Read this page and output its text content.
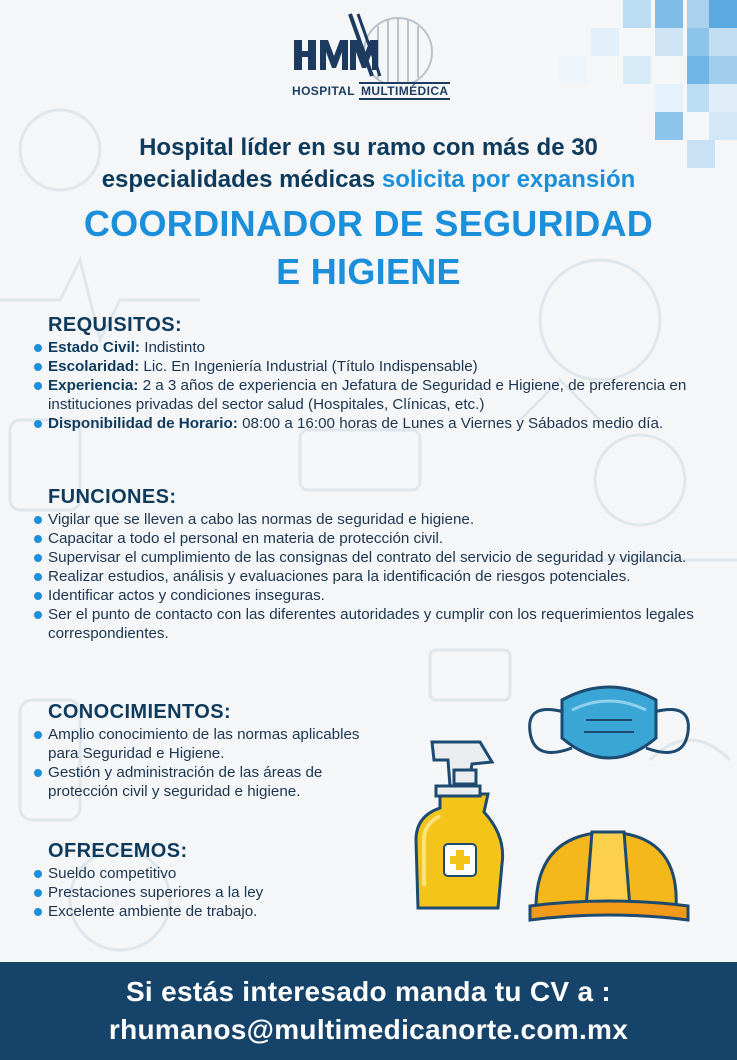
HOSPITAL MULTIMÉDICA
Hospital líder en su ramo con más de 30
especialidades médicas solicita por expansión
COORDINADOR DE SEGURIDAD
E HIGIENE
REQUISITOS:
Estado Civil: Indistinto
Escolaridad: Lic. En Ingeniería Industrial (Título Indispensable)
Experiencia: 2 a 3 años de experiencia en Jefatura de Seguridad e Higiene, de preferencia en instituciones privadas del sector salud (Hospitales, Clínicas, etc.)
Disponibilidad de Horario: 08:00 a 16:00 horas de Lunes a Viernes y Sábados medio día.
FUNCIONES:
Vigilar que se lleven a cabo las normas de seguridad e higiene.
Capacitar a todo el personal en materia de protección civil.
Supervisar el cumplimiento de las consignas del contrato del servicio de seguridad y vigilancia.
Realizar estudios, análisis y evaluaciones para la identificación de riesgos potenciales.
Identificar actos y condiciones inseguras.
Ser el punto de contacto con las diferentes autoridades y cumplir con los requerimientos legales correspondientes.
CONOCIMIENTOS:
Amplio conocimiento de las normas aplicables para Seguridad e Higiene.
Gestión y administración de las áreas de protección civil y seguridad e higiene.
OFRECEMOS:
Sueldo competitivo
Prestaciones superiores a la ley
Excelente ambiente de trabajo.
Si estás interesado manda tu CV a :
rhumanos@multimedicanorte.com.mx
